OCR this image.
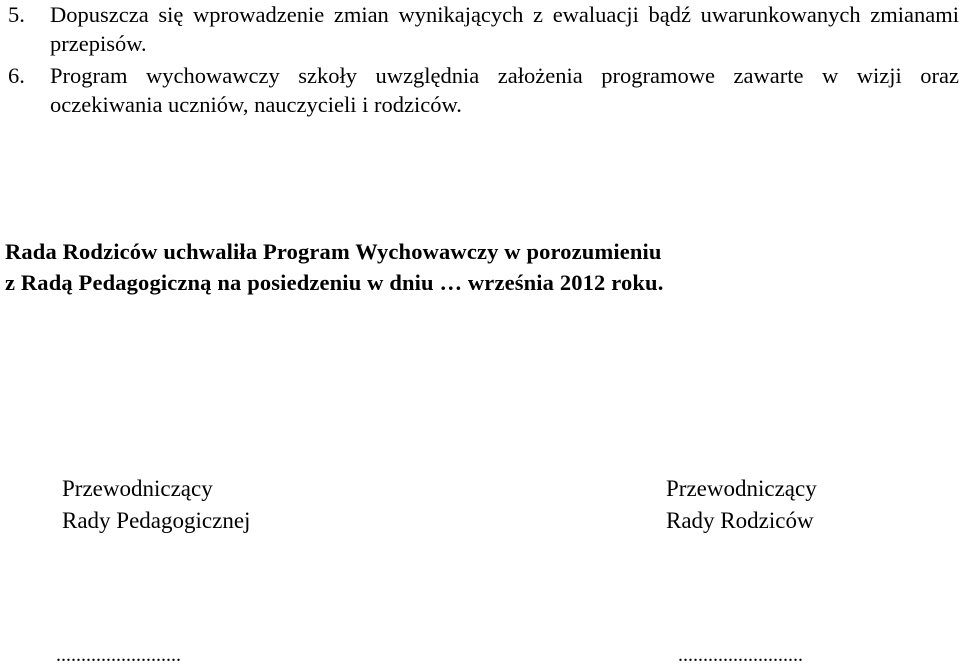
5. Dopuszcza się wprowadzenie zmian wynikających z ewaluacji bądź uwarunkowanych zmianami przepisów.
6. Program wychowawczy szkoły uwzględnia założenia programowe zawarte w wizji oraz oczekiwania uczniów, nauczycieli i rodziców.
Rada Rodziców uchwaliła Program Wychowawczy w porozumieniu
z Radą Pedagogiczną na posiedzeniu w dniu … września 2012 roku.
Przewodniczący
Rady Pedagogicznej
Przewodniczący
Rady Rodziców
.........................	.........................
